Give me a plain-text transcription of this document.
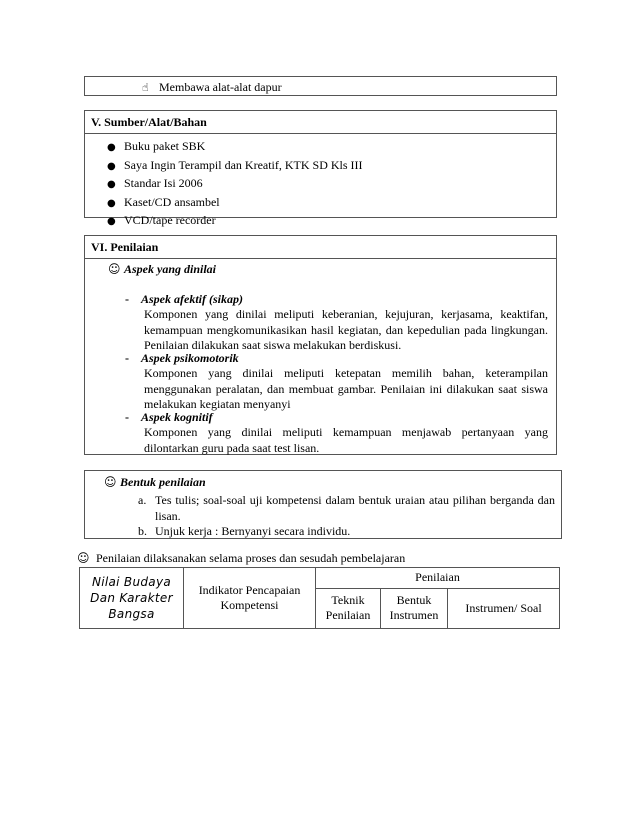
☝ Membawa alat-alat dapur
V. Sumber/Alat/Bahan
● Buku paket SBK
● Saya Ingin Terampil dan Kreatif, KTK SD Kls III
● Standar Isi 2006
● Kaset/CD ansambel
● VCD/tape recorder
VI. Penilaian
☺ Aspek yang dinilai
- Aspek afektif (sikap)
Komponen yang dinilai meliputi keberanian, kejujuran, kerjasama, keaktifan, kemampuan mengkomunikasikan hasil kegiatan, dan kepedulian pada lingkungan. Penilaian dilakukan saat siswa melakukan berdiskusi.
- Aspek psikomotorik
Komponen yang dinilai meliputi ketepatan memilih bahan, keterampilan menggunakan peralatan, dan membuat gambar. Penilaian ini dilakukan saat siswa melakukan kegiatan menyanyi
- Aspek kognitif
Komponen yang dinilai meliputi kemampuan menjawab pertanyaan yang dilontarkan guru pada saat test lisan.
☺ Bentuk penilaian
a. Tes tulis; soal-soal uji kompetensi dalam bentuk uraian atau pilihan berganda dan lisan.
b. Unjuk kerja : Bernyanyi secara individu.
☺ Penilaian dilaksanakan selama proses dan sesudah pembelajaran
Nilai Budaya Dan Karakter Bangsa	Indikator Pencapaian Kompetensi	Penilaian		
		Teknik Penilaian	Bentuk Instrumen	Instrumen/ Soal
